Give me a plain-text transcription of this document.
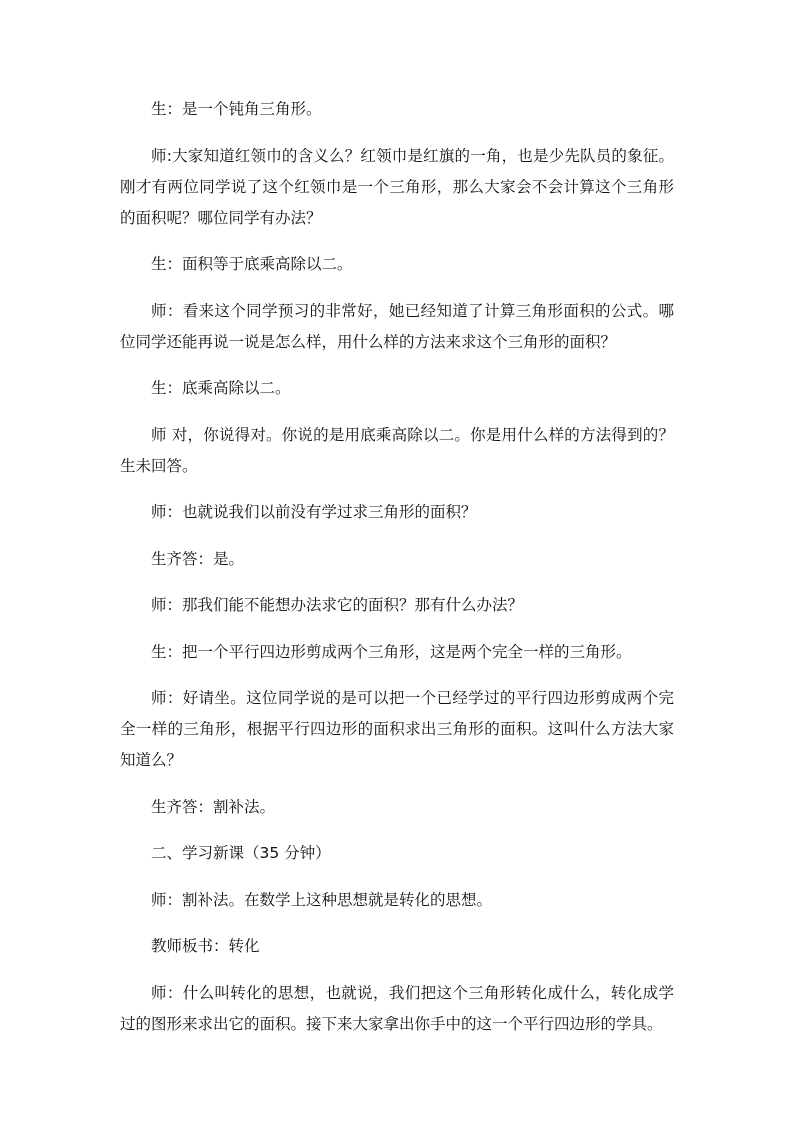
生：是一个钝角三角形。

师:大家知道红领巾的含义么？红领巾是红旗的一角，也是少先队员的象征。刚才有两位同学说了这个红领巾是一个三角形，那么大家会不会计算这个三角形的面积呢？哪位同学有办法？

生：面积等于底乘高除以二。

师：看来这个同学预习的非常好，她已经知道了计算三角形面积的公式。哪位同学还能再说一说是怎么样，用什么样的方法来求这个三角形的面积？

生：底乘高除以二。

师 对，你说得对。你说的是用底乘高除以二。你是用什么样的方法得到的？生未回答。

师：也就说我们以前没有学过求三角形的面积？

生齐答：是。

师：那我们能不能想办法求它的面积？那有什么办法？

生：把一个平行四边形剪成两个三角形，这是两个完全一样的三角形。

师：好请坐。这位同学说的是可以把一个已经学过的平行四边形剪成两个完全一样的三角形，根据平行四边形的面积求出三角形的面积。这叫什么方法大家知道么？

生齐答：割补法。

二、学习新课（35 分钟）

师：割补法。在数学上这种思想就是转化的思想。

教师板书：转化

师：什么叫转化的思想，也就说，我们把这个三角形转化成什么，转化成学过的图形来求出它的面积。接下来大家拿出你手中的这一个平行四边形的学具。
